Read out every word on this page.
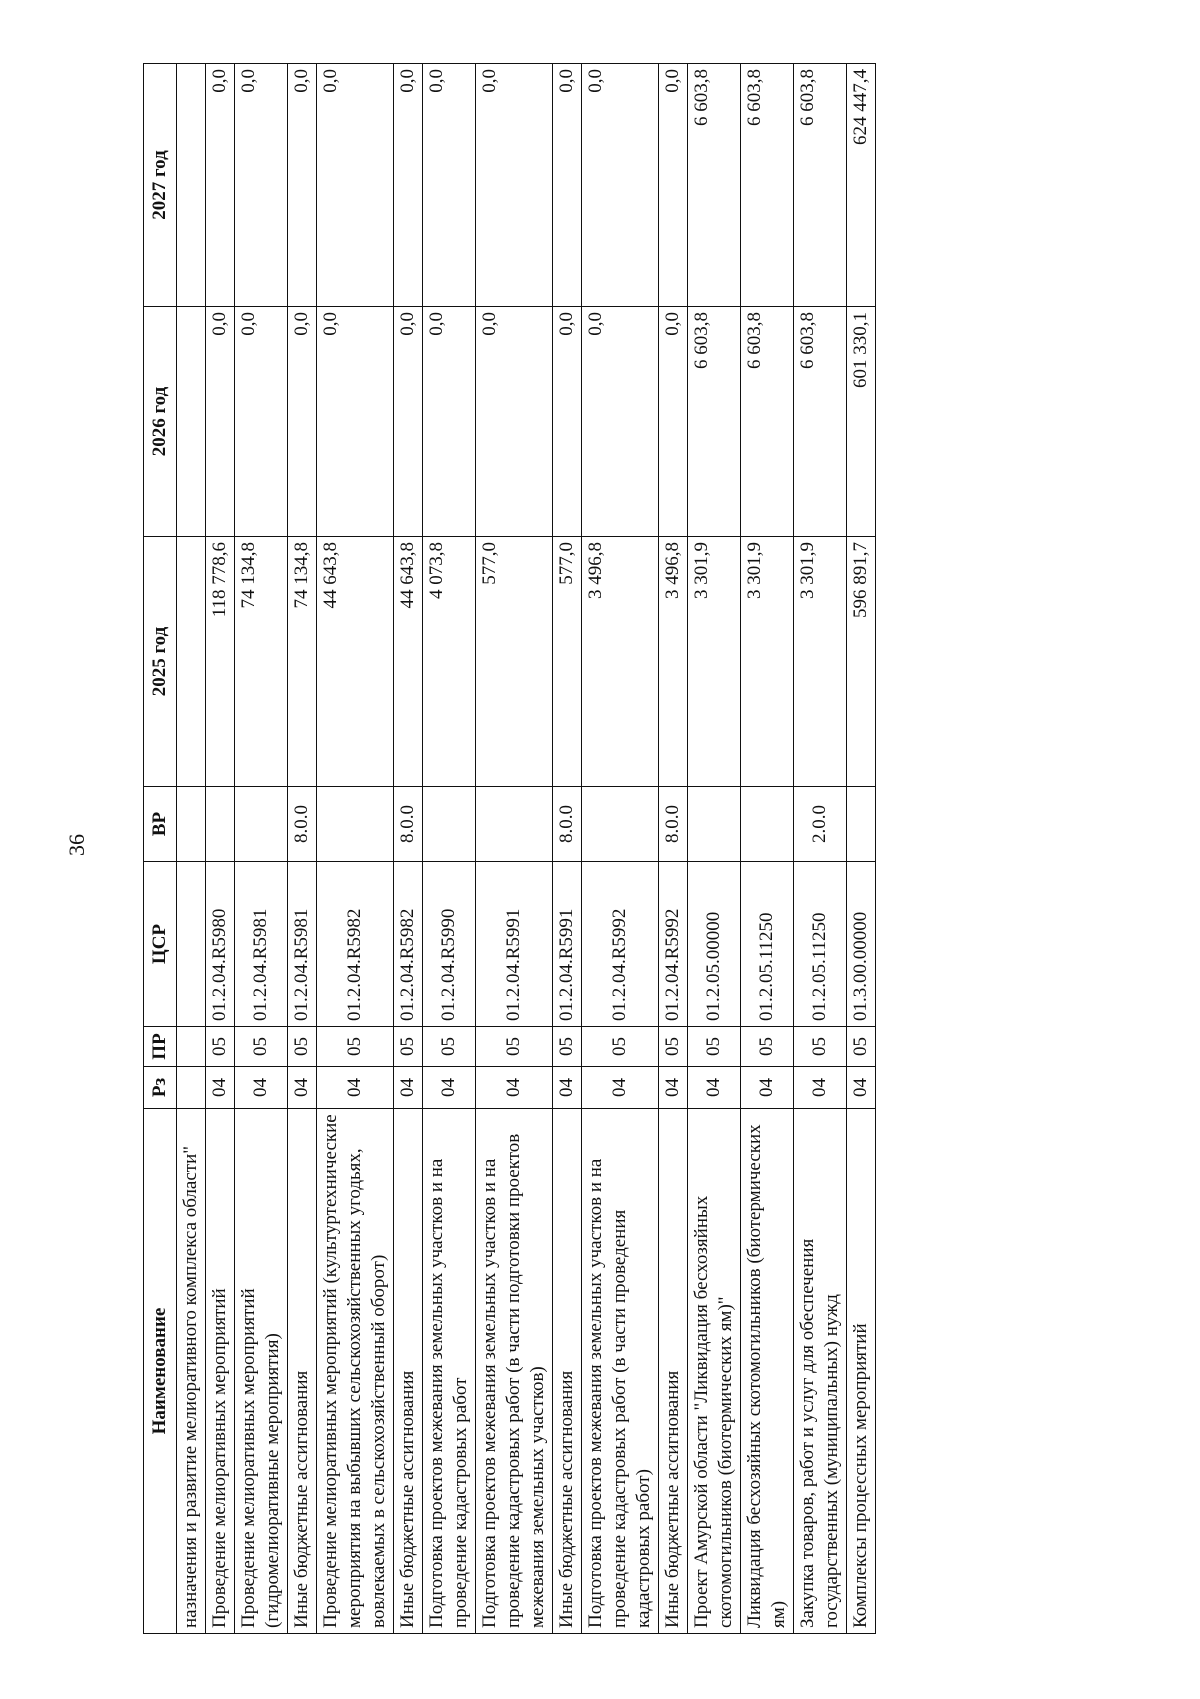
36
Наименование	Рз	ПР	ЦСР	ВР	2025 год	2026 год	2027 год
назначения и развитие мелиоративного комплекса области"							
Проведение мелиоративных мероприятий	04	05	01.2.04.R5980		118 778,6	0,0	0,0
Проведение мелиоративных мероприятий (гидромелиоративные мероприятия)	04	05	01.2.04.R5981		74 134,8	0,0	0,0
Иные бюджетные ассигнования	04	05	01.2.04.R5981	8.0.0	74 134,8	0,0	0,0
Проведение мелиоративных мероприятий (культуртехнические мероприятия на выбывших сельскохозяйственных угодьях, вовлекаемых в сельскохозяйственный оборот)	04	05	01.2.04.R5982		44 643,8	0,0	0,0
Иные бюджетные ассигнования	04	05	01.2.04.R5982	8.0.0	44 643,8	0,0	0,0
Подготовка проектов межевания земельных участков и на проведение кадастровых работ	04	05	01.2.04.R5990		4 073,8	0,0	0,0
Подготовка проектов межевания земельных участков и на проведение кадастровых работ (в части подготовки проектов межевания земельных участков)	04	05	01.2.04.R5991		577,0	0,0	0,0
Иные бюджетные ассигнования	04	05	01.2.04.R5991	8.0.0	577,0	0,0	0,0
Подготовка проектов межевания земельных участков и на проведение кадастровых работ (в части проведения кадастровых работ)	04	05	01.2.04.R5992		3 496,8	0,0	0,0
Иные бюджетные ассигнования	04	05	01.2.04.R5992	8.0.0	3 496,8	0,0	0,0
Проект Амурской области "Ликвидация бесхозяйных скотомогильников (биотермических ям)"	04	05	01.2.05.00000		3 301,9	6 603,8	6 603,8
Ликвидация бесхозяйных скотомогильников (биотермических ям)	04	05	01.2.05.11250		3 301,9	6 603,8	6 603,8
Закупка товаров, работ и услуг для обеспечения государственных (муниципальных) нужд	04	05	01.2.05.11250	2.0.0	3 301,9	6 603,8	6 603,8
Комплексы процессных мероприятий	04	05	01.3.00.00000		596 891,7	601 330,1	624 447,4
